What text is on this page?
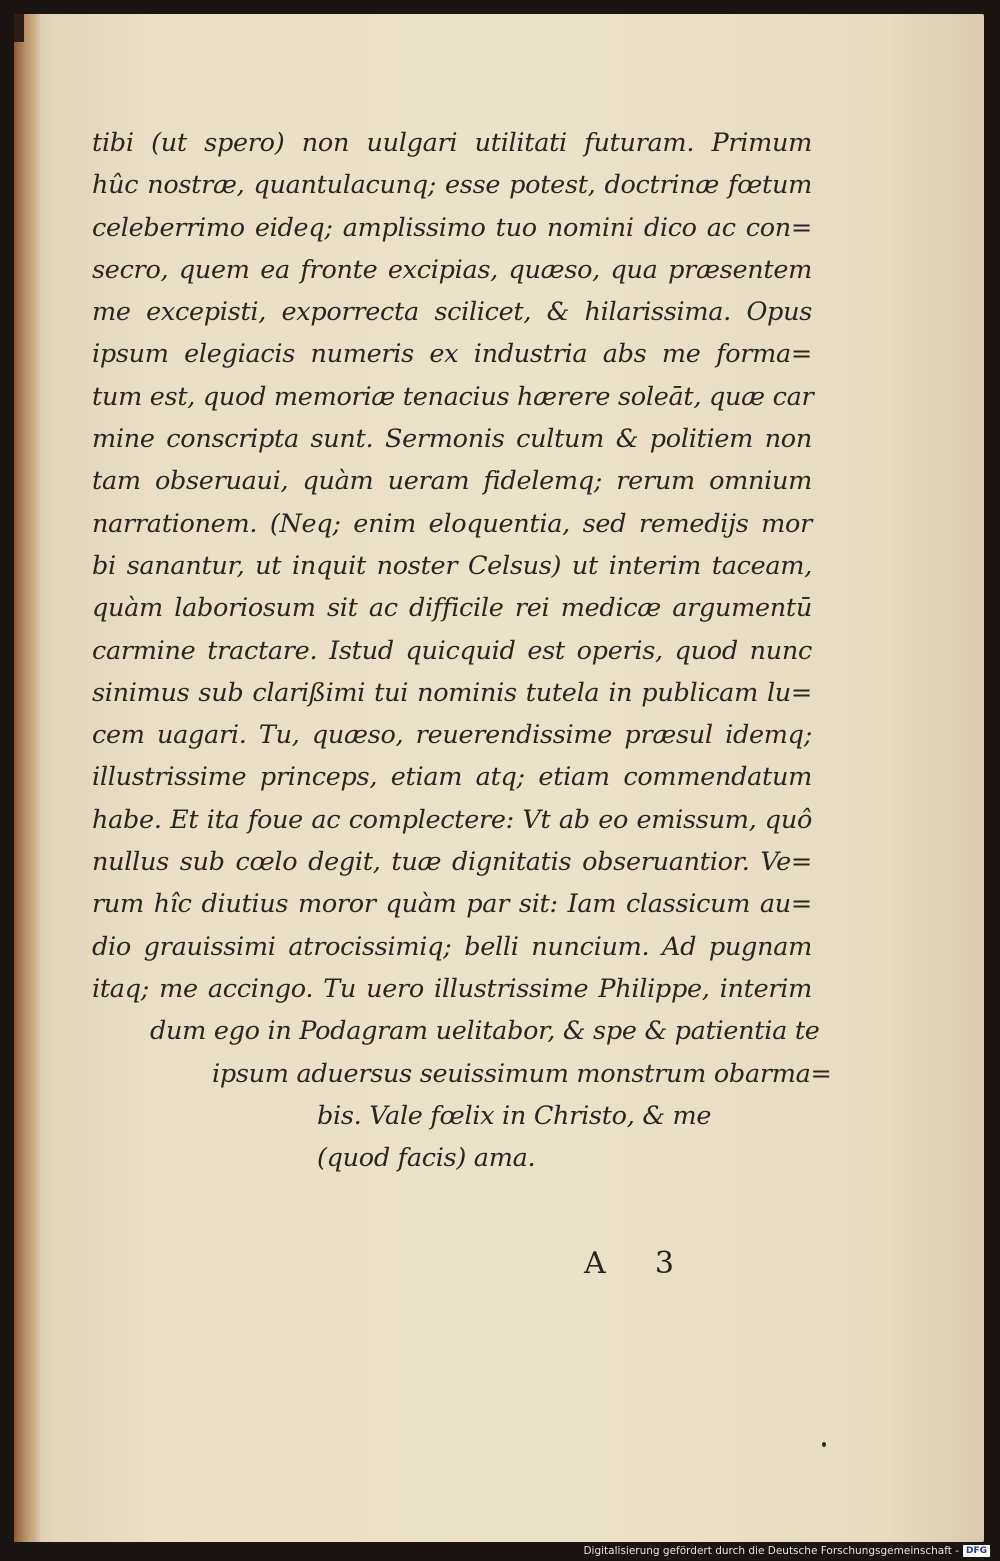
tibi (ut spero) non uulgari utilitati futuram. Primum
hûc nostræ, quantulacunq; esse potest, doctrinæ fœtum
celeberrimo eideq; amplissimo tuo nomini dico ac con=
secro, quem ea fronte excipias, quæso, qua præsentem
me excepisti, exporrecta scilicet, & hilarissima. Opus
ipsum elegiacis numeris ex industria abs me forma=
tum est, quod memoriæ tenacius hærere soleāt, quæ car
mine conscripta sunt. Sermonis cultum & politiem non
tam obseruaui, quàm ueram fidelemq; rerum omnium
narrationem. (Neq; enim eloquentia, sed remedijs mor
bi sanantur, ut inquit noster Celsus) ut interim taceam,
quàm laboriosum sit ac difficile rei medicæ argumentū
carmine tractare. Istud quicquid est operis, quod nunc
sinimus sub clarißimi tui nominis tutela in publicam lu=
cem uagari. Tu, quæso, reuerendissime præsul idemq;
illustrissime princeps, etiam atq; etiam commendatum
habe. Et ita foue ac complectere: Vt ab eo emissum, quô
nullus sub cœlo degit, tuæ dignitatis obseruantior. Ve=
rum hîc diutius moror quàm par sit: Iam classicum au=
dio grauissimi atrocissimiq; belli nuncium. Ad pugnam
itaq; me accingo. Tu uero illustrissime Philippe, interim
dum ego in Podagram uelitabor, & spe & patientia te
ipsum aduersus seuissimum monstrum obarma=
bis. Vale fœlix in Christo, & me
(quod facis) ama.
A 3
Digitalisierung gefördert durch die Deutsche Forschungsgemeinschaft - DFG
